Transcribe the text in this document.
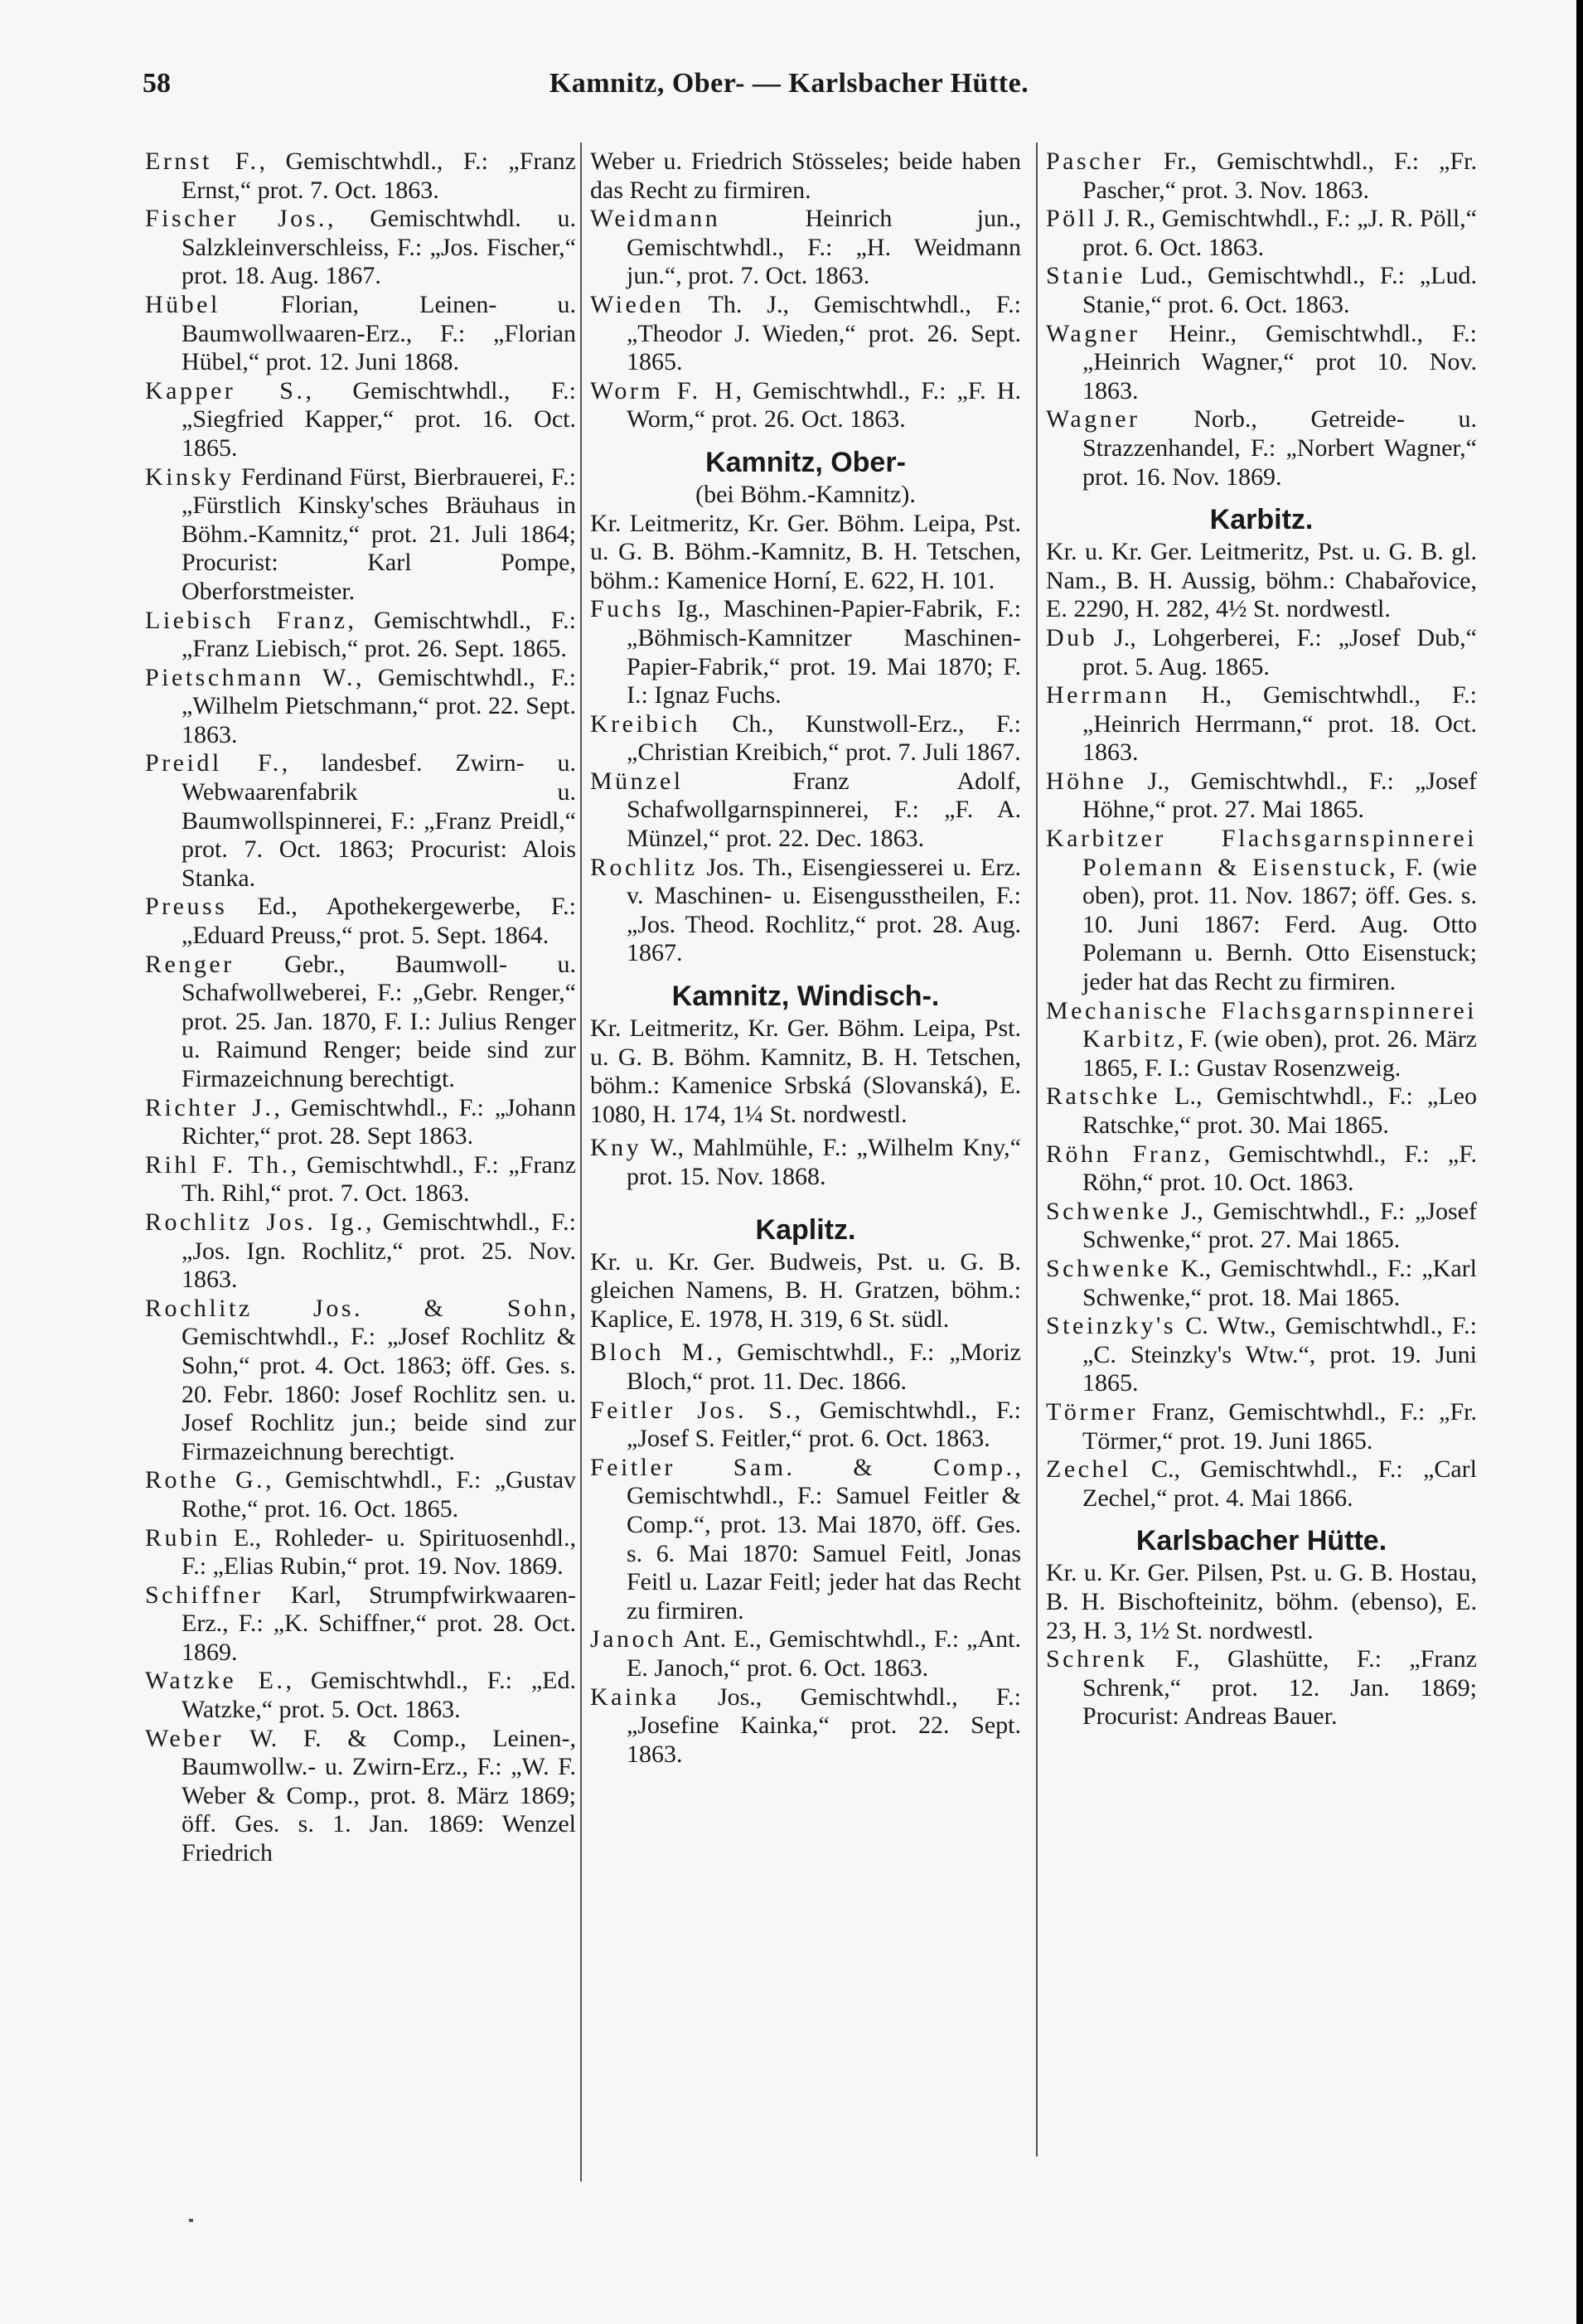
58	Kamnitz, Ober- — Karlsbacher Hütte.

Ernst F., Gemischtwhdl., F.: „Franz Ernst,“ prot. 7. Oct. 1863.

Fischer Jos., Gemischtwhdl. u. Salzkleinverschleiss, F.: „Jos. Fischer,“ prot. 18. Aug. 1867.

Hübel Florian, Leinen- u. Baumwollwaaren-Erz., F.: „Florian Hübel,“ prot. 12. Juni 1868.

Kapper S., Gemischtwhdl., F.: „Siegfried Kapper,“ prot. 16. Oct. 1865.

Kinsky Ferdinand Fürst, Bierbrauerei, F.: „Fürstlich Kinsky'sches Bräuhaus in Böhm.-Kamnitz,“ prot. 21. Juli 1864; Procurist: Karl Pompe, Oberforstmeister.

Liebisch Franz, Gemischtwhdl., F.: „Franz Liebisch,“ prot. 26. Sept. 1865.

Pietschmann W., Gemischtwhdl., F.: „Wilhelm Pietschmann,“ prot. 22. Sept. 1863.

Preidl F., landesbef. Zwirn- u. Webwaarenfabrik u. Baumwollspinnerei, F.: „Franz Preidl,“ prot. 7. Oct. 1863; Procurist: Alois Stanka.

Preuss Ed., Apothekergewerbe, F.: „Eduard Preuss,“ prot. 5. Sept. 1864.

Renger Gebr., Baumwoll- u. Schafwollweberei, F.: „Gebr. Renger,“ prot. 25. Jan. 1870, F. I.: Julius Renger u. Raimund Renger; beide sind zur Firmazeichnung berechtigt.

Richter J., Gemischtwhdl., F.: „Johann Richter,“ prot. 28. Sept 1863.

Rihl F. Th., Gemischtwhdl., F.: „Franz Th. Rihl,“ prot. 7. Oct. 1863.

Rochlitz Jos. Ig., Gemischtwhdl., F.: „Jos. Ign. Rochlitz,“ prot. 25. Nov. 1863.

Rochlitz Jos. & Sohn, Gemischtwhdl., F.: „Josef Rochlitz & Sohn,“ prot. 4. Oct. 1863; öff. Ges. s. 20. Febr. 1860: Josef Rochlitz sen. u. Josef Rochlitz jun.; beide sind zur Firmazeichnung berechtigt.

Rothe G., Gemischtwhdl., F.: „Gustav Rothe,“ prot. 16. Oct. 1865.

Rubin E., Rohleder- u. Spirituosenhdl., F.: „Elias Rubin,“ prot. 19. Nov. 1869.

Schiffner Karl, Strumpfwirkwaaren-Erz., F.: „K. Schiffner,“ prot. 28. Oct. 1869.

Watzke E., Gemischtwhdl., F.: „Ed. Watzke,“ prot. 5. Oct. 1863.

Weber W. F. & Comp., Leinen-, Baumwollw.- u. Zwirn-Erz., F.: „W. F. Weber & Comp., prot. 8. März 1869; öff. Ges. s. 1. Jan. 1869: Wenzel Friedrich

Weber u. Friedrich Stösseles; beide haben das Recht zu firmiren.

Weidmann Heinrich jun., Gemischtwhdl., F.: „H. Weidmann jun.“, prot. 7. Oct. 1863.

Wieden Th. J., Gemischtwhdl., F.: „Theodor J. Wieden,“ prot. 26. Sept. 1865.

Worm F. H, Gemischtwhdl., F.: „F. H. Worm,“ prot. 26. Oct. 1863.

Kamnitz, Ober-

(bei Böhm.-Kamnitz).

Kr. Leitmeritz, Kr. Ger. Böhm. Leipa, Pst. u. G. B. Böhm.-Kamnitz, B. H. Tetschen, böhm.: Kamenice Horní, E. 622, H. 101.

Fuchs Ig., Maschinen-Papier-Fabrik, F.: „Böhmisch-Kamnitzer Maschinen-Papier-Fabrik,“ prot. 19. Mai 1870; F. I.: Ignaz Fuchs.

Kreibich Ch., Kunstwoll-Erz., F.: „Christian Kreibich,“ prot. 7. Juli 1867.

Münzel Franz Adolf, Schafwollgarnspinnerei, F.: „F. A. Münzel,“ prot. 22. Dec. 1863.

Rochlitz Jos. Th., Eisengiesserei u. Erz. v. Maschinen- u. Eisengusstheilen, F.: „Jos. Theod. Rochlitz,“ prot. 28. Aug. 1867.

Kamnitz, Windisch-.

Kr. Leitmeritz, Kr. Ger. Böhm. Leipa, Pst. u. G. B. Böhm. Kamnitz, B. H. Tetschen, böhm.: Kamenice Srbská (Slovanská), E. 1080, H. 174, 1¼ St. nordwestl.

Kny W., Mahlmühle, F.: „Wilhelm Kny,“ prot. 15. Nov. 1868.

Kaplitz.

Kr. u. Kr. Ger. Budweis, Pst. u. G. B. gleichen Namens, B. H. Gratzen, böhm.: Kaplice, E. 1978, H. 319, 6 St. südl.

Bloch M., Gemischtwhdl., F.: „Moriz Bloch,“ prot. 11. Dec. 1866.

Feitler Jos. S., Gemischtwhdl., F.: „Josef S. Feitler,“ prot. 6. Oct. 1863.

Feitler Sam. & Comp., Gemischtwhdl., F.: Samuel Feitler & Comp.“, prot. 13. Mai 1870, öff. Ges. s. 6. Mai 1870: Samuel Feitl, Jonas Feitl u. Lazar Feitl; jeder hat das Recht zu firmiren.

Janoch Ant. E., Gemischtwhdl., F.: „Ant. E. Janoch,“ prot. 6. Oct. 1863.

Kainka Jos., Gemischtwhdl., F.: „Josefine Kainka,“ prot. 22. Sept. 1863.

Pascher Fr., Gemischtwhdl., F.: „Fr. Pascher,“ prot. 3. Nov. 1863.

Pöll J. R., Gemischtwhdl., F.: „J. R. Pöll,“ prot. 6. Oct. 1863.

Stanie Lud., Gemischtwhdl., F.: „Lud. Stanie,“ prot. 6. Oct. 1863.

Wagner Heinr., Gemischtwhdl., F.: „Heinrich Wagner,“ prot 10. Nov. 1863.

Wagner Norb., Getreide- u. Strazzenhandel, F.: „Norbert Wagner,“ prot. 16. Nov. 1869.

Karbitz.

Kr. u. Kr. Ger. Leitmeritz, Pst. u. G. B. gl. Nam., B. H. Aussig, böhm.: Chabařovice, E. 2290, H. 282, 4½ St. nordwestl.

Dub J., Lohgerberei, F.: „Josef Dub,“ prot. 5. Aug. 1865.

Herrmann H., Gemischtwhdl., F.: „Heinrich Herrmann,“ prot. 18. Oct. 1863.

Höhne J., Gemischtwhdl., F.: „Josef Höhne,“ prot. 27. Mai 1865.

Karbitzer Flachsgarnspinnerei Polemann & Eisenstuck, F. (wie oben), prot. 11. Nov. 1867; öff. Ges. s. 10. Juni 1867: Ferd. Aug. Otto Polemann u. Bernh. Otto Eisenstuck; jeder hat das Recht zu firmiren.

Mechanische Flachsgarnspinnerei Karbitz, F. (wie oben), prot. 26. März 1865, F. I.: Gustav Rosenzweig.

Ratschke L., Gemischtwhdl., F.: „Leo Ratschke,“ prot. 30. Mai 1865.

Röhn Franz, Gemischtwhdl., F.: „F. Röhn,“ prot. 10. Oct. 1863.

Schwenke J., Gemischtwhdl., F.: „Josef Schwenke,“ prot. 27. Mai 1865.

Schwenke K., Gemischtwhdl., F.: „Karl Schwenke,“ prot. 18. Mai 1865.

Steinzky's C. Wtw., Gemischtwhdl., F.: „C. Steinzky's Wtw.“, prot. 19. Juni 1865.

Törmer Franz, Gemischtwhdl., F.: „Fr. Törmer,“ prot. 19. Juni 1865.

Zechel C., Gemischtwhdl., F.: „Carl Zechel,“ prot. 4. Mai 1866.

Karlsbacher Hütte.

Kr. u. Kr. Ger. Pilsen, Pst. u. G. B. Hostau, B. H. Bischofteinitz, böhm. (ebenso), E. 23, H. 3, 1½ St. nordwestl.

Schrenk F., Glashütte, F.: „Franz Schrenk,“ prot. 12. Jan. 1869; Procurist: Andreas Bauer.
